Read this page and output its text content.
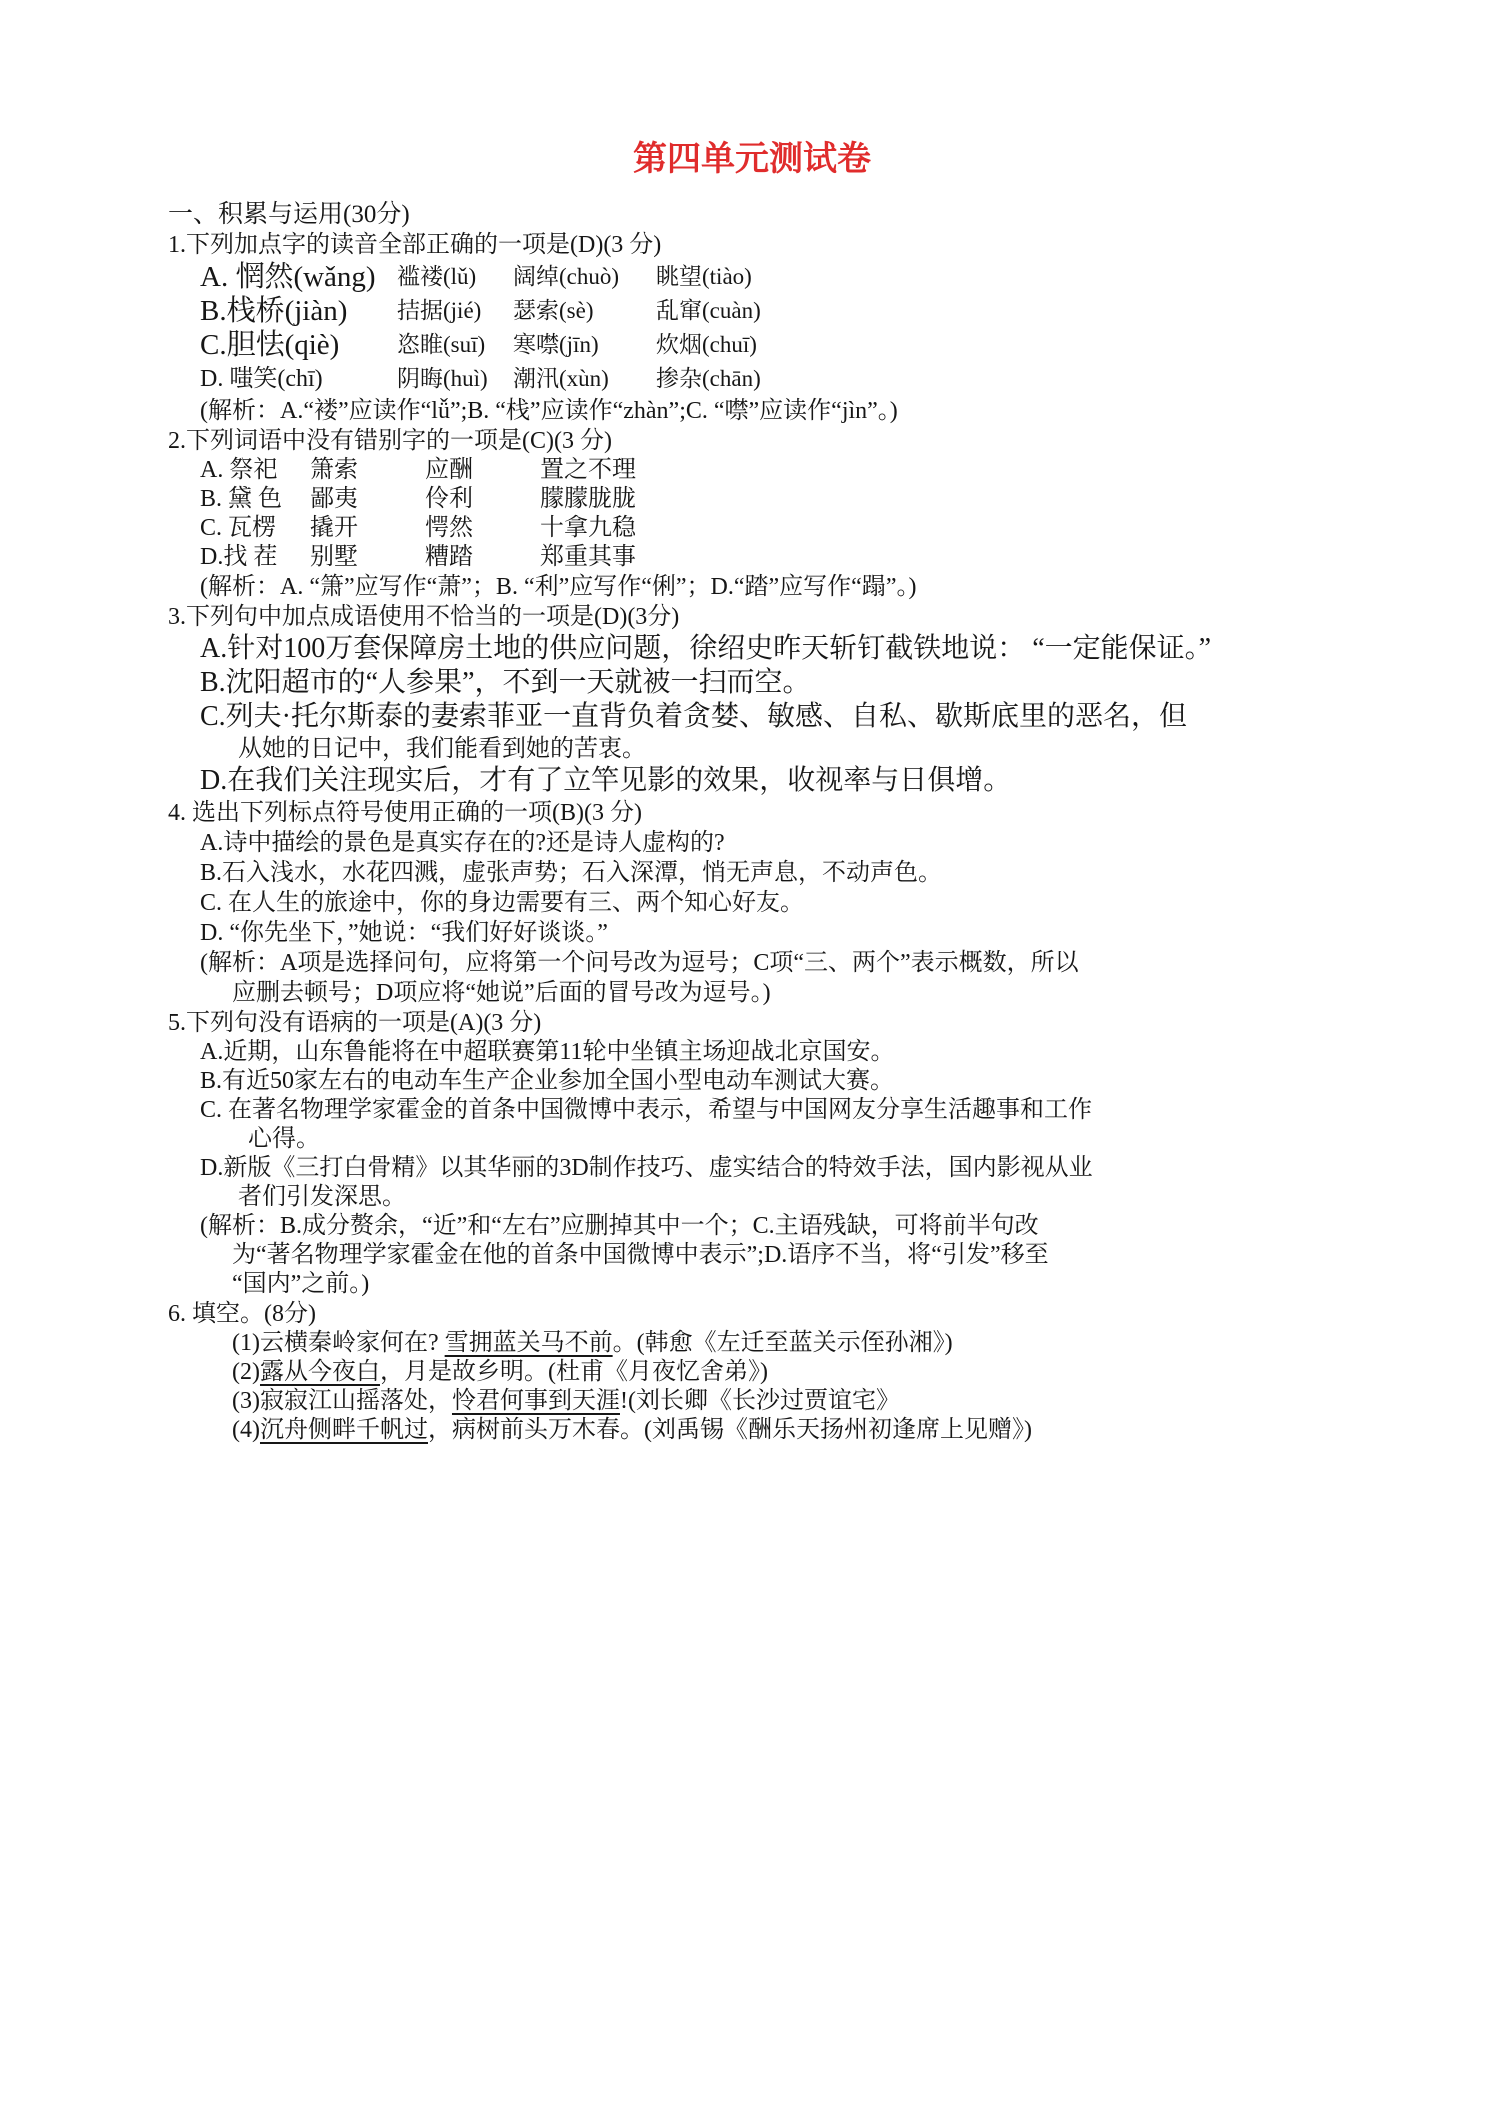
第四单元测试卷
一、积累与运用(30分)
1.下列加点字的读音全部正确的一项是(D)(3 分)
A. 惘然(wǎng) 褴褛(lǔ)	阔绰(chuò)	眺望(tiào)
B.栈桥(jiàn)	拮据(jié)	瑟索(sè)	乱窜(cuàn)
C.胆怯(qiè)	恣睢(suī)	寒噤(jīn)	炊烟(chuī)
D. 嗤笑(chī)	阴晦(huì)	潮汛(xùn)	掺杂(chān)
(解析：A.“褛”应读作“lǚ”;B. “栈”应读作“zhàn”;C. “噤”应读作“jìn”。)
2.下列词语中没有错别字的一项是(C)(3 分)
A. 祭祀	箫索	应酬	置之不理
B. 黛 色	鄙夷	伶利	朦朦胧胧
C. 瓦楞	撬开	愕然	十拿九稳
D.找 茬	别墅	糟踏	郑重其事
(解析：A. “箫”应写作“萧”；B. “利”应写作“俐”；D.“踏”应写作“蹋”。)
3.下列句中加点成语使用不恰当的一项是(D)(3分)
A.针对100万套保障房土地的供应问题，徐绍史昨天斩钉截铁地说： “一定能保证。”
B.沈阳超市的“人参果”，不到一天就被一扫而空。
C.列夫·托尔斯泰的妻索菲亚一直背负着贪婪、敏感、自私、歇斯底里的恶名，但
从她的日记中，我们能看到她的苦衷。
D.在我们关注现实后，才有了立竿见影的效果，收视率与日俱增。
4. 选出下列标点符号使用正确的一项(B)(3 分)
A.诗中描绘的景色是真实存在的?还是诗人虚构的?
B.石入浅水，水花四溅，虚张声势；石入深潭，悄无声息，不动声色。
C. 在人生的旅途中，你的身边需要有三、两个知心好友。
D. “你先坐下，”她说：“我们好好谈谈。”
(解析：A项是选择问句，应将第一个问号改为逗号；C项“三、两个”表示概数，所以
应删去顿号；D项应将“她说”后面的冒号改为逗号。)
5.下列句没有语病的一项是(A)(3 分)
A.近期，山东鲁能将在中超联赛第11轮中坐镇主场迎战北京国安。
B.有近50家左右的电动车生产企业参加全国小型电动车测试大赛。
C. 在著名物理学家霍金的首条中国微博中表示，希望与中国网友分享生活趣事和工作
心得。
D.新版《三打白骨精》以其华丽的3D制作技巧、虚实结合的特效手法，国内影视从业
者们引发深思。
(解析：B.成分赘余，“近”和“左右”应删掉其中一个；C.主语残缺，可将前半句改
为“著名物理学家霍金在他的首条中国微博中表示”;D.语序不当，将“引发”移至
“国内”之前。)
6. 填空。(8分)
(1)云横秦岭家何在? 雪拥蓝关马不前。(韩愈《左迁至蓝关示侄孙湘》)
(2)露从今夜白，月是故乡明。(杜甫《月夜忆舍弟》)
(3)寂寂江山摇落处，怜君何事到天涯!(刘长卿《长沙过贾谊宅》
(4)沉舟侧畔千帆过，病树前头万木春。(刘禹锡《酬乐天扬州初逢席上见赠》)
